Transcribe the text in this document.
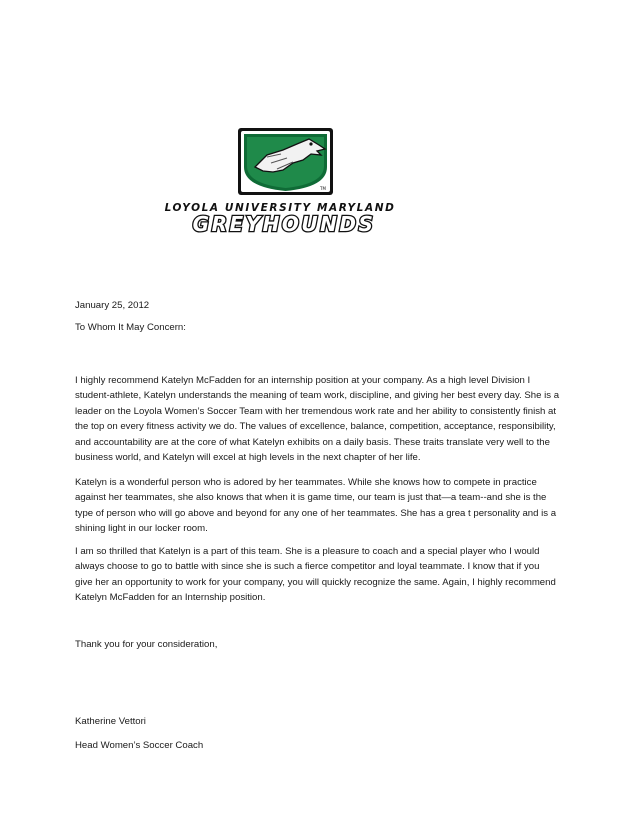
TM
LOYOLA UNIVERSITY MARYLAND
GREYHOUNDS
January 25, 2012
To Whom It May Concern:
I highly recommend Katelyn McFadden for an internship position at your company. As a high level Division I
student-athlete, Katelyn understands the meaning of team work, discipline, and giving her best every day. She is a
leader on the Loyola Women’s Soccer Team with her tremendous work rate and her ability to consistently finish at
the top on every fitness activity we do. The values of excellence, balance, competition, acceptance, responsibility,
and accountability are at the core of what Katelyn exhibits on a daily basis. These traits translate very well to the
business world, and Katelyn will excel at high levels in the next chapter of her life.
Katelyn is a wonderful person who is adored by her teammates. While she knows how to compete in practice
against her teammates, she also knows that when it is game time, our team is just that—a team--and she is the
type of person who will go above and beyond for any one of her teammates. She has a grea t personality and is a
shining light in our locker room.
I am so thrilled that Katelyn is a part of this team. She is a pleasure to coach and a special player who I would
always choose to go to battle with since she is such a fierce competitor and loyal teammate. I know that if you
give her an opportunity to work for your company, you will quickly recognize the same. Again, I highly recommend
Katelyn McFadden for an Internship position.
Thank you for your consideration,
Katherine Vettori
Head Women’s Soccer Coach
